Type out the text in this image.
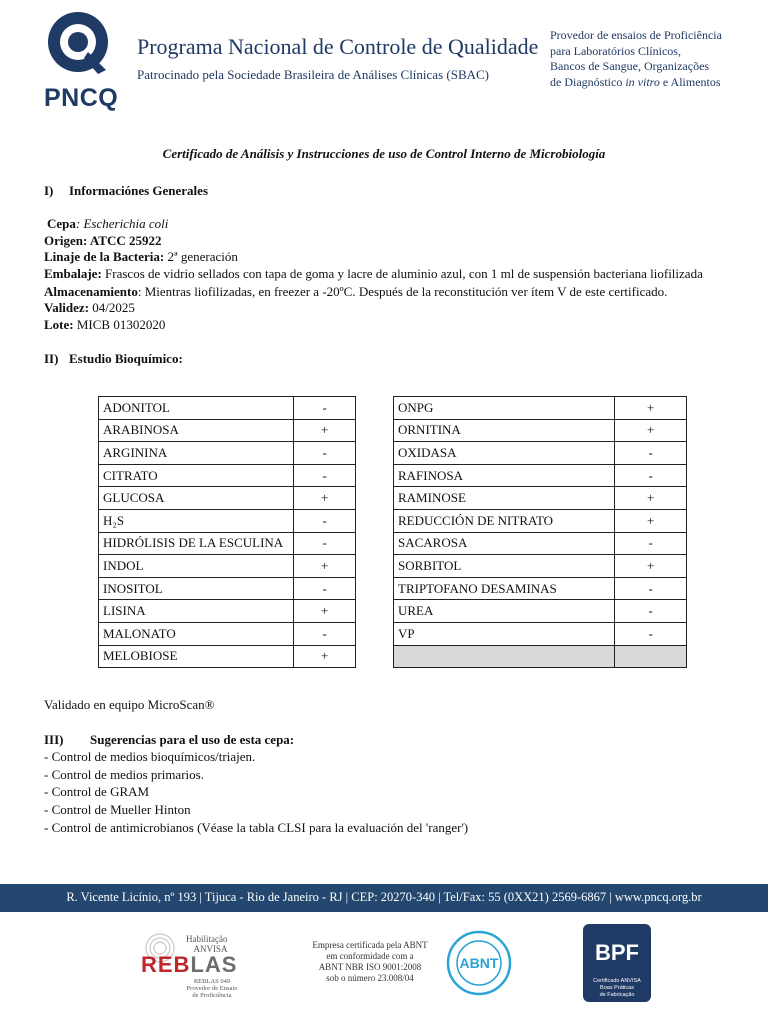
PNCQ
Programa Nacional de Controle de Qualidade
Patrocinado pela Sociedade Brasileira de Análises Clínicas (SBAC)
Provedor de ensaios de Proficiência
para Laboratórios Clínicos,
Bancos de Sangue, Organizações
de Diagnóstico in vitro e Alimentos
Certificado de Análisis y Instrucciones de uso de Control Interno de Microbiología
I) Informaciónes Generales
Cepa: Escherichia coli
Origen: ATCC 25922
Linaje de la Bacteria: 2ª generación
Embalaje: Frascos de vidrio sellados con tapa de goma y lacre de aluminio azul, con 1 ml de suspensión bacteriana liofilizada
Almacenamiento: Mientras liofilizadas, en freezer a -20ºC. Después de la reconstitución ver ítem V de este certificado.
Validez: 04/2025
Lote: MICB 01302020
II) Estudio Bioquímico:
ADONITOL	-
ARABINOSA	+
ARGININA	-
CITRATO	-
GLUCOSA	+
H₂S	-
HIDRÓLISIS DE LA ESCULINA	-
INDOL	+
INOSITOL	-
LISINA	+
MALONATO	-
MELOBIOSE	+
ONPG	+
ORNITINA	+
OXIDASA	-
RAFINOSA	-
RAMINOSE	+
REDUCCIÓN DE NITRATO	+
SACAROSA	-
SORBITOL	+
TRIPTOFANO DESAMINAS	-
UREA	-
VP	-

Validado en equipo MicroScan®
III) Sugerencias para el uso de esta cepa:
- Control de medios bioquímicos/triajen.
- Control de medios primarios.
- Control de GRAM
- Control de Mueller Hinton
- Control de antimicrobianos (Véase la tabla CLSI para la evaluación del 'ranger')
R. Vicente Licínio, nº 193 | Tijuca - Rio de Janeiro - RJ | CEP: 20270-340 | Tel/Fax: 55 (0XX21) 2569-6867 | www.pncq.org.br
Habilitação
ANVISA
REBLAS
REBLAS 049
Provedor de Ensaio
de Proficiência
Empresa certificada pela ABNT
em conformidade com a
ABNT NBR ISO 9001:2008
sob o número 23.008/04
ABNT	BPF
Certificado ANVISA
Boas Práticas
de Fabricação
